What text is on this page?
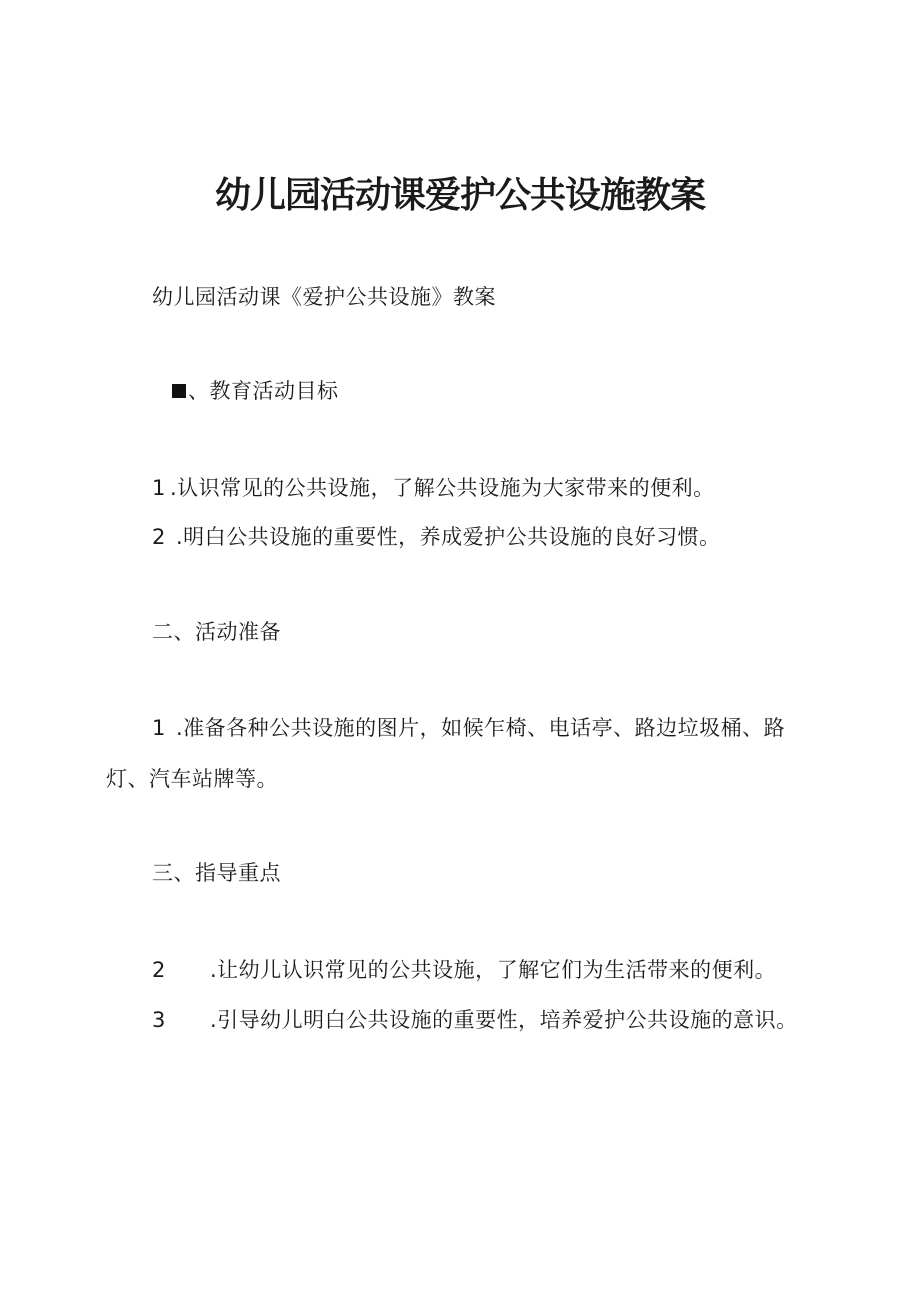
幼儿园活动课爱护公共设施教案
幼儿园活动课《爱护公共设施》教案
、教育活动目标
1 .认识常见的公共设施，了解公共设施为大家带来的便利。
2 .明白公共设施的重要性，养成爱护公共设施的良好习惯。
二、活动准备
1 .准备各种公共设施的图片，如候乍椅、电话亭、路边垃圾桶、路
灯、汽车站牌等。
三、指导重点
2 .让幼儿认识常见的公共设施，了解它们为生活带来的便利。
3 .引导幼儿明白公共设施的重要性，培养爱护公共设施的意识。
